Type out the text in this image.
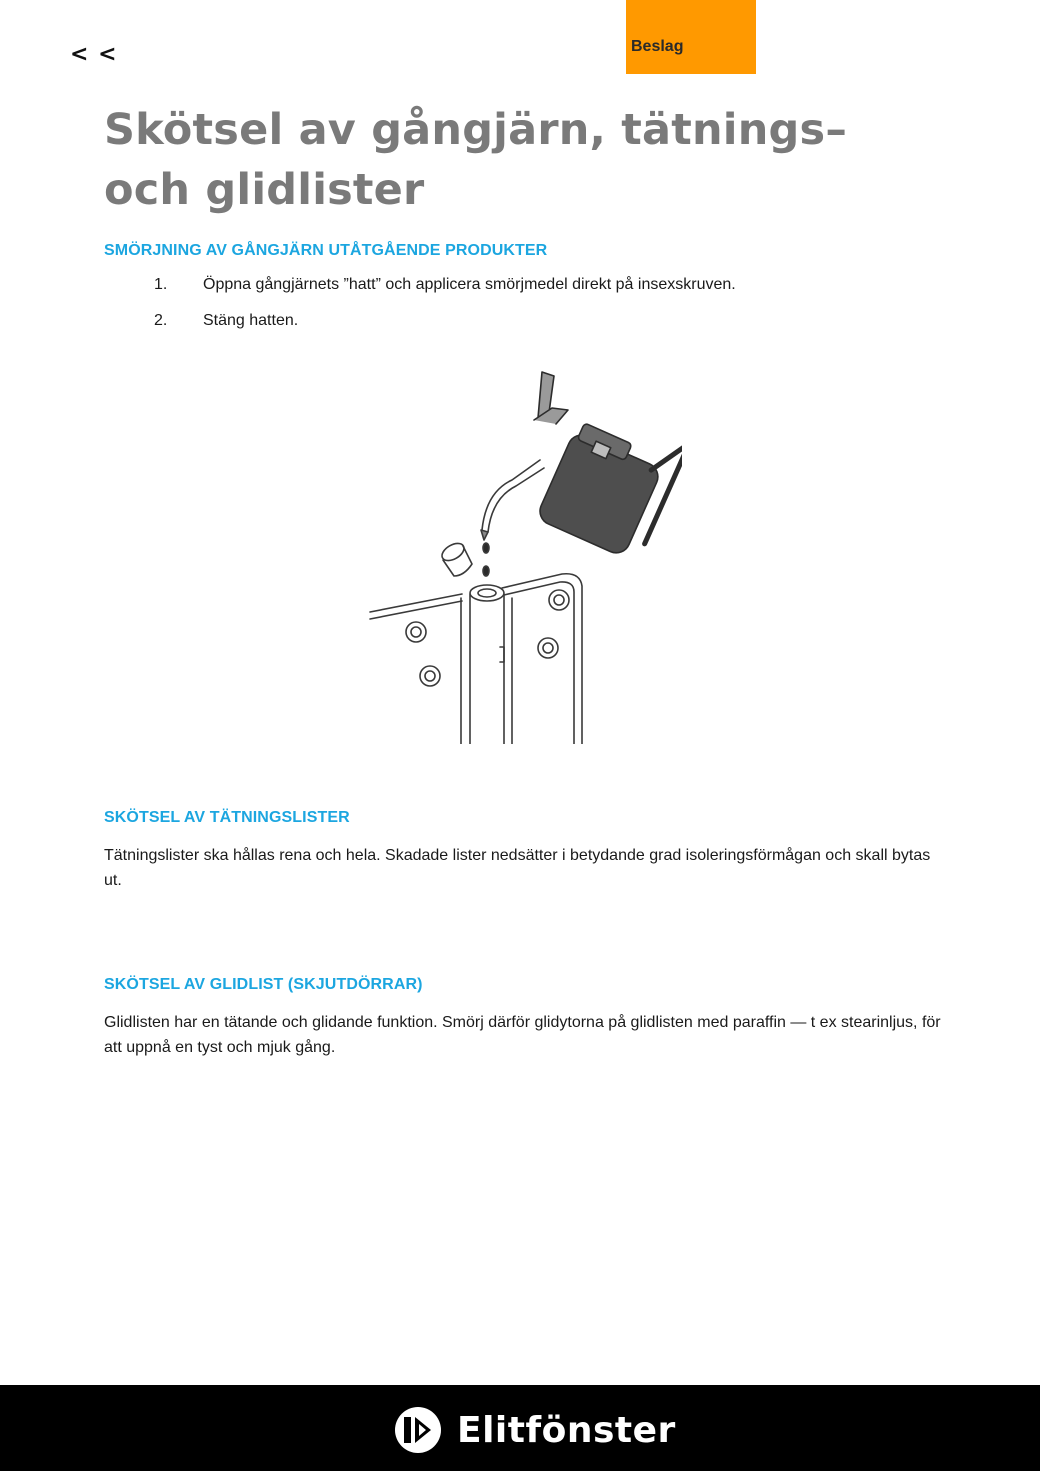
< <	Beslag
Skötsel av gångjärn, tätnings– och glidlister
SMÖRJNING AV GÅNGJÄRN UTÅTGÅENDE PRODUKTER
1. Öppna gångjärnets ”hatt” och applicera smörjmedel direkt på insexskruven.
2. Stäng hatten.
SKÖTSEL AV TÄTNINGSLISTER

Tätningslister ska hållas rena och hela. Skadade lister nedsätter i betydande grad isoleringsförmågan och skall bytas ut.

SKÖTSEL AV GLIDLIST (SKJUTDÖRRAR)

Glidlisten har en tätande och glidande funktion. Smörj därför glidytorna på glidlisten med paraffin — t ex stearinljus, för att uppnå en tyst och mjuk gång.

Elitfönster
